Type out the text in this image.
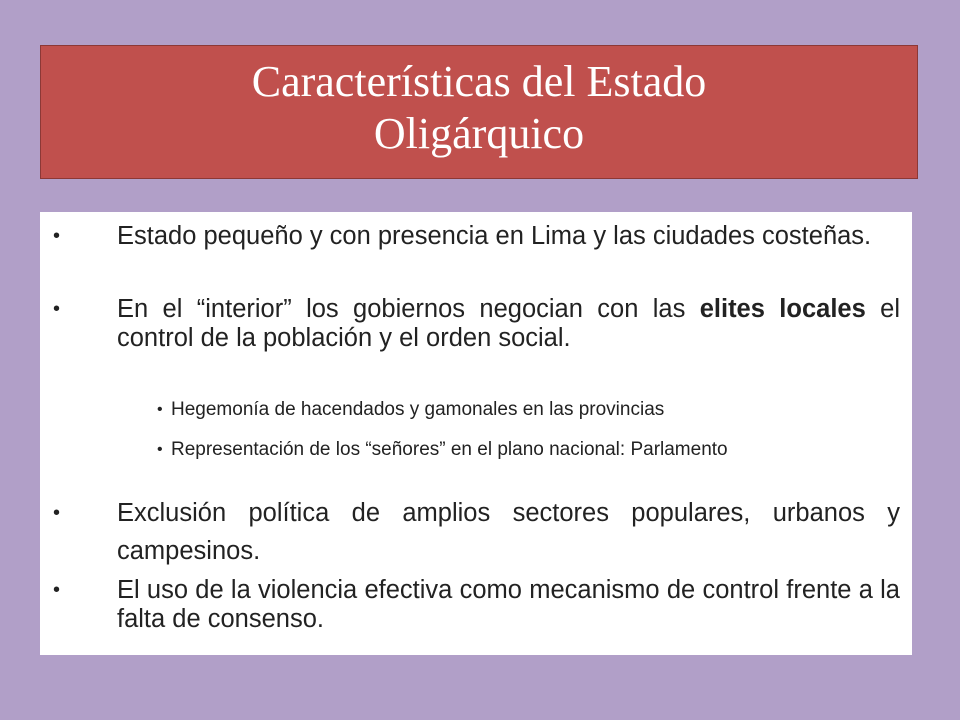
Características del Estado
Oligárquico
• Estado pequeño y con presencia en Lima y las ciudades costeñas.
• En el “interior” los gobiernos negocian con las elites locales el control de la población y el orden social.
• Hegemonía de hacendados y gamonales en las provincias
• Representación de los “señores” en el plano nacional: Parlamento
• Exclusión política de amplios sectores populares, urbanos y campesinos.
• El uso de la violencia efectiva como mecanismo de control frente a la falta de consenso.
